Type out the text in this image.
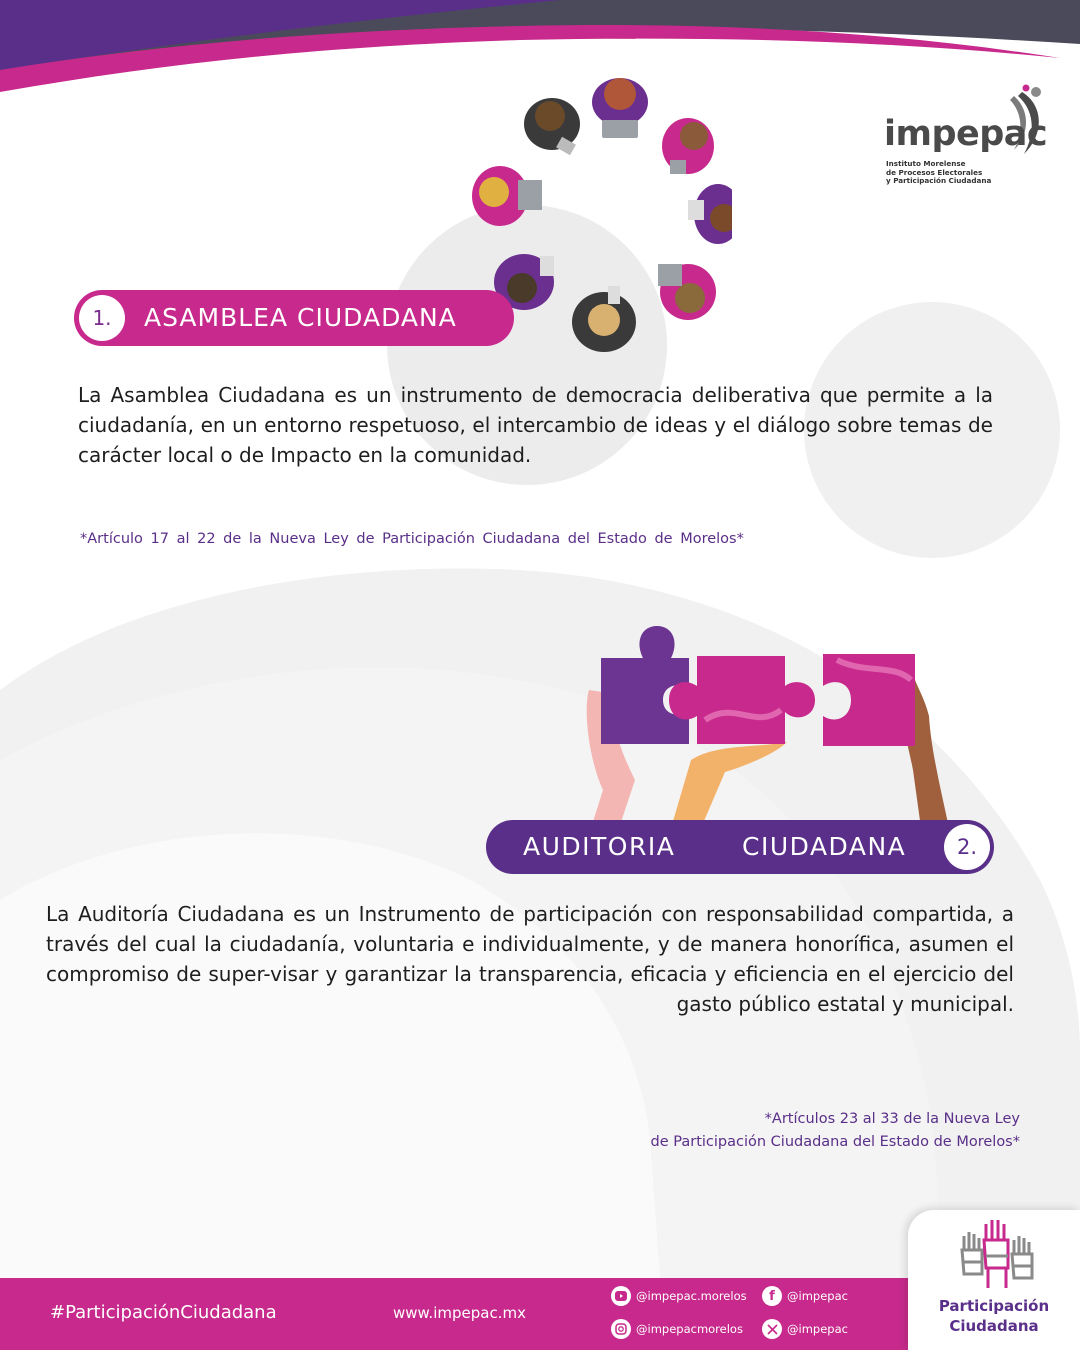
impepac
Instituto Morelense
de Procesos Electorales
y Participación Ciudadana
1.	ASAMBLEA CIUDADANA

La Asamblea Ciudadana es un instrumento de democracia deliberativa que permite a la ciudadanía, en un entorno respetuoso, el intercambio de ideas y el diálogo sobre temas de carácter local o de Impacto en la comunidad.

*Artículo 17 al 22 de la Nueva Ley de Participación Ciudadana del Estado de Morelos*

AUDITORIA	CIUDADANA	2.

La Auditoría Ciudadana es un Instrumento de participación con responsabilidad compartida, a través del cual la ciudadanía, voluntaria e individualmente, y de manera honorífica, asumen el compromiso de super-visar y garantizar la transparencia, eficacia y eficiencia en el ejercicio del gasto público estatal y municipal.

*Artículos 23 al 33 de la Nueva Ley
de Participación Ciudadana del Estado de Morelos*
#ParticipaciónCiudadana	www.impepac.mx
@impepac.morelos	f	@impepac
@impepacmorelos	@impepac
Participación
Ciudadana
